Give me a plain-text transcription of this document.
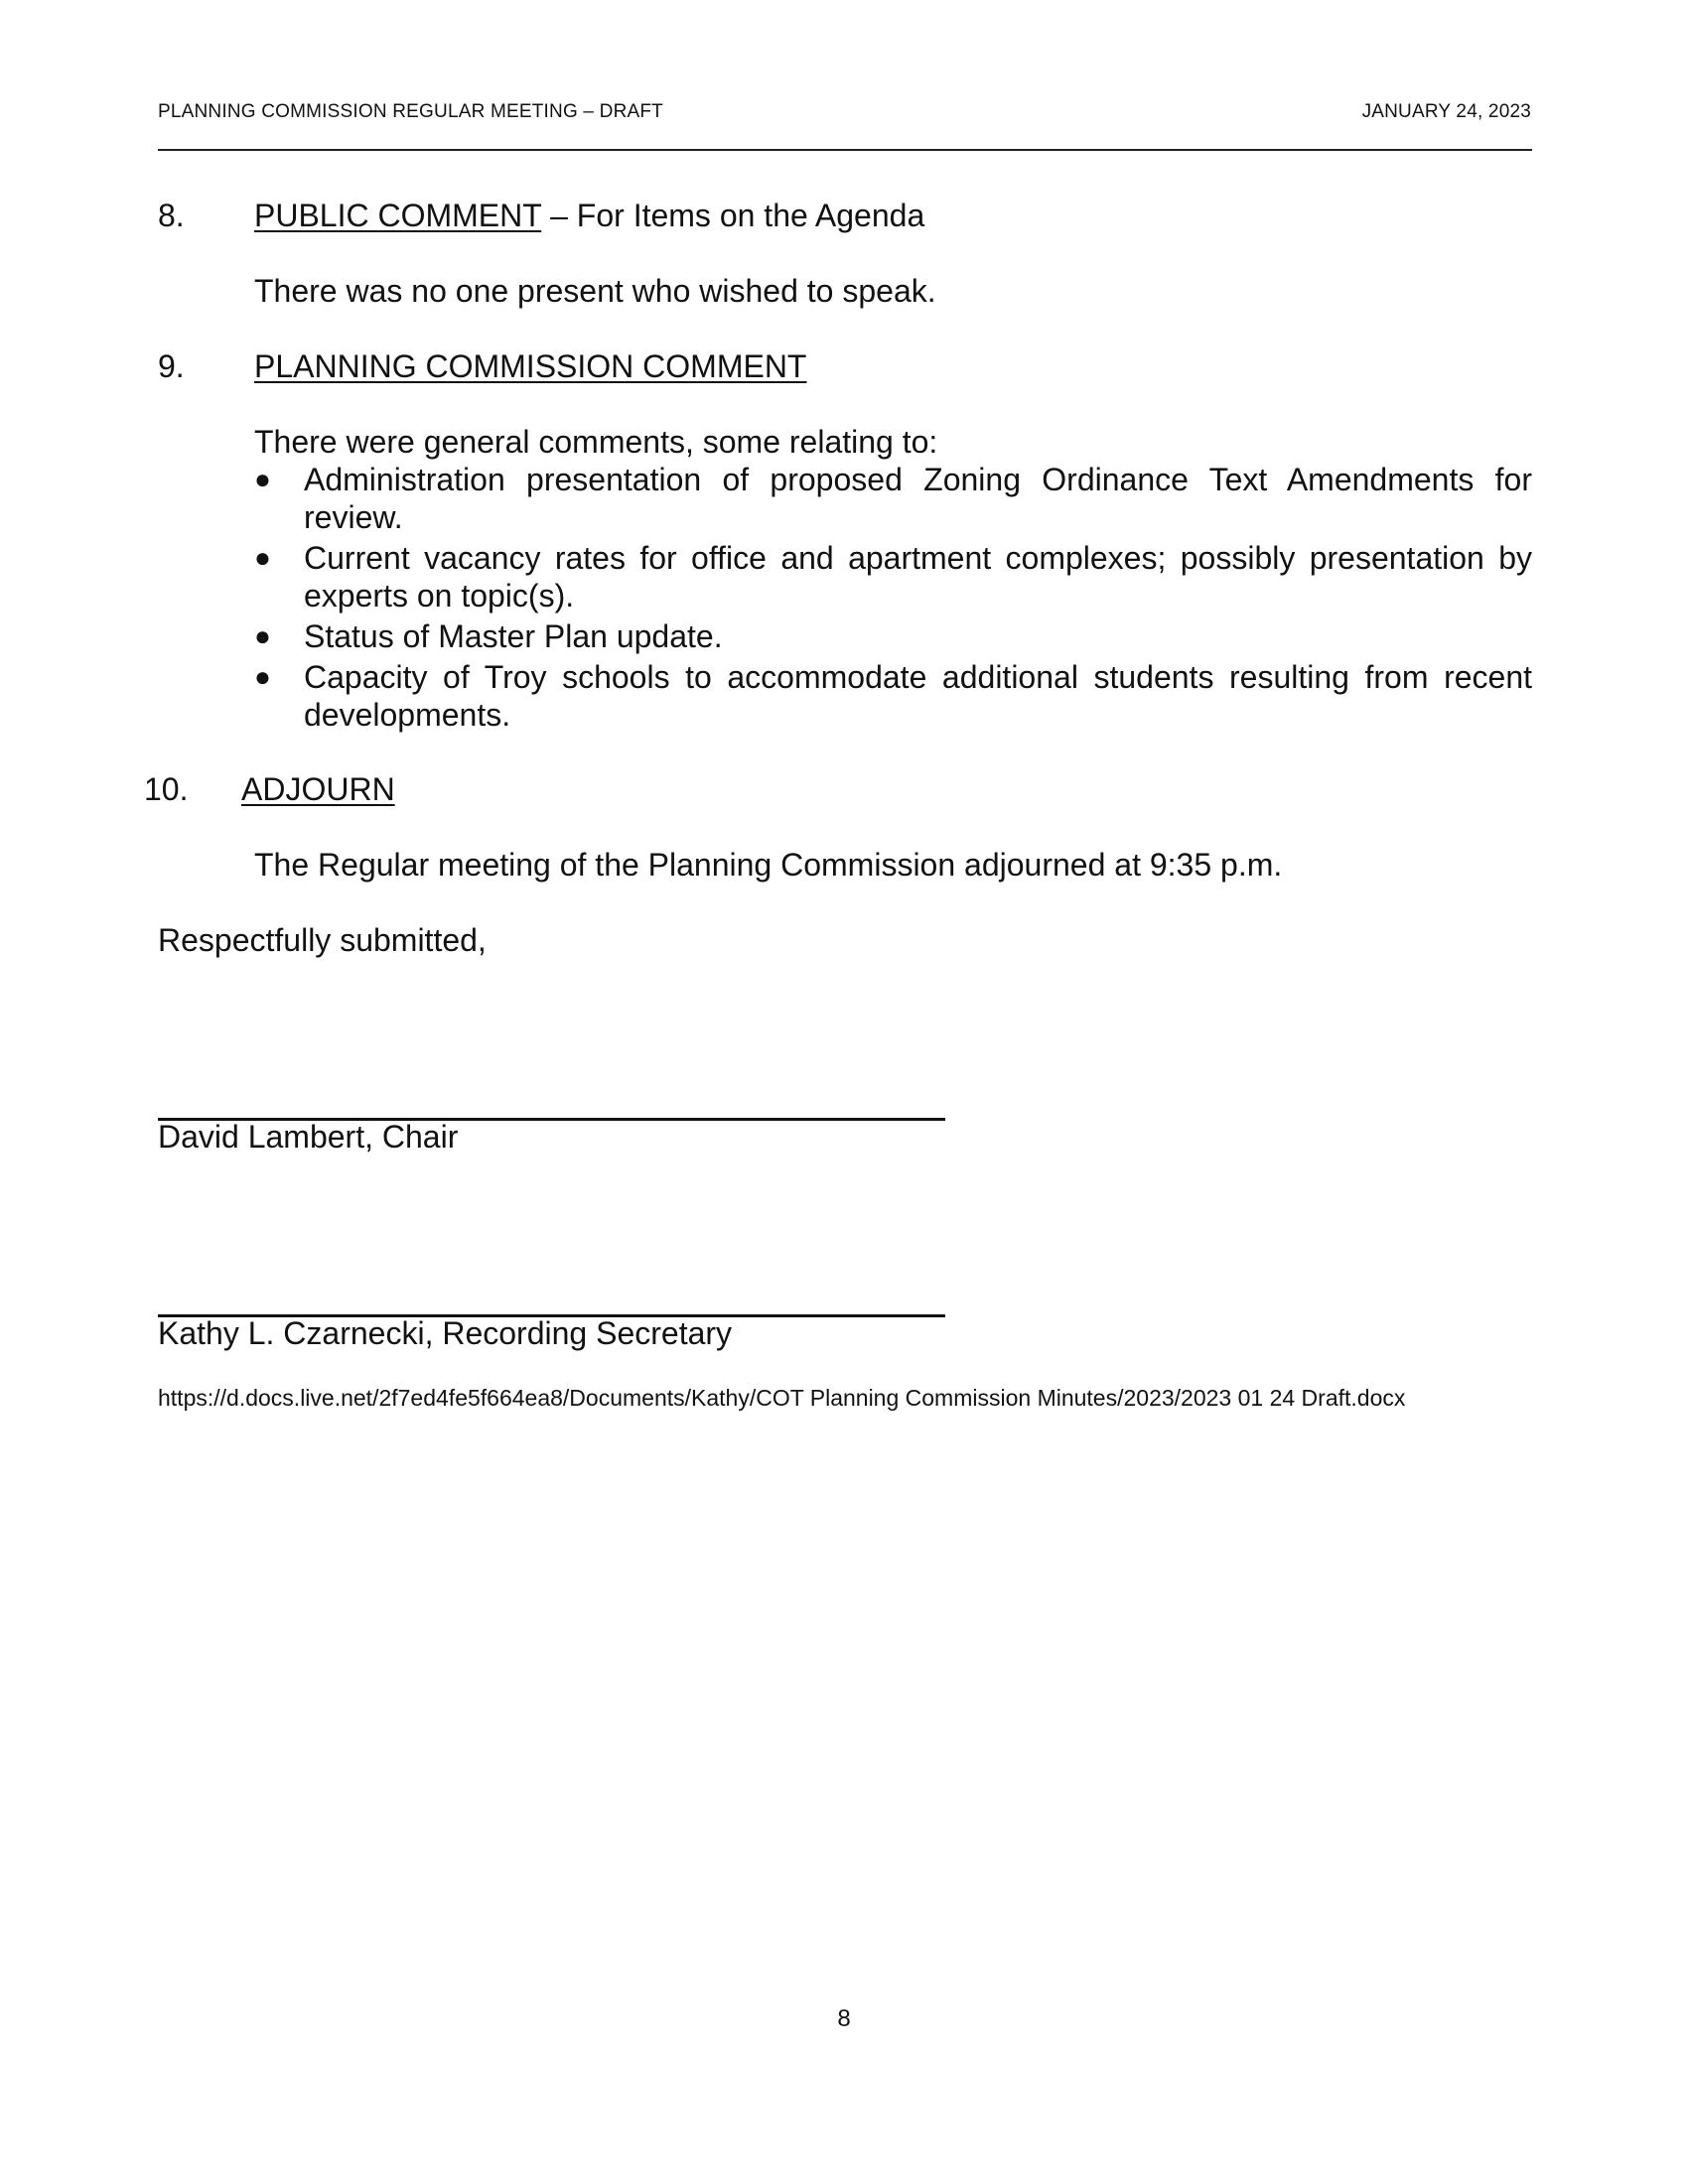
PLANNING COMMISSION REGULAR MEETING – DRAFT	JANUARY 24, 2023
8. PUBLIC COMMENT – For Items on the Agenda
There was no one present who wished to speak.
9. PLANNING COMMISSION COMMENT
There were general comments, some relating to:
● Administration presentation of proposed Zoning Ordinance Text Amendments for review.
● Current vacancy rates for office and apartment complexes; possibly presentation by experts on topic(s).
● Status of Master Plan update.
● Capacity of Troy schools to accommodate additional students resulting from recent developments.
10. ADJOURN
The Regular meeting of the Planning Commission adjourned at 9:35 p.m.
Respectfully submitted,
David Lambert, Chair
Kathy L. Czarnecki, Recording Secretary
https://d.docs.live.net/2f7ed4fe5f664ea8/Documents/Kathy/COT Planning Commission Minutes/2023/2023 01 24 Draft.docx
8
